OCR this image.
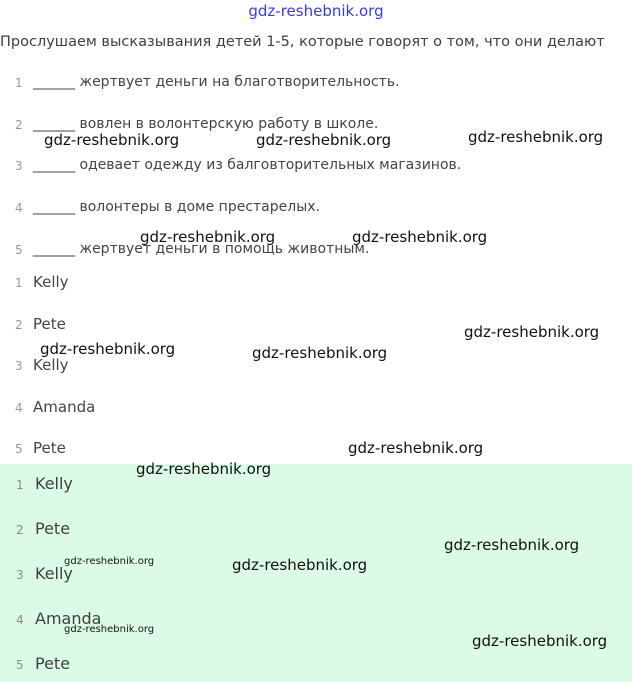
gdz-reshebnik.org
Прослушаем высказывания детей 1-5, которые говорят о том, что они делают
1 ______ жертвует деньги на благотворительность.
2 ______ вовлен в волонтерскую работу в школе.
3 ______ одевает одежду из балговторительных магазинов.
4 ______ волонтеры в доме престарелых.
5 ______ жертвует деньги в помощь животным.
1 Kelly
2 Pete
3 Kelly
4 Amanda
5 Pete
1 Kelly
2 Pete
3 Kelly
4 Amanda
5 Pete
gdz-reshebnik.org	gdz-reshebnik.org	gdz-reshebnik.org
gdz-reshebnik.org	gdz-reshebnik.org
gdz-reshebnik.org
gdz-reshebnik.org	gdz-reshebnik.org
gdz-reshebnik.org
gdz-reshebnik.org
gdz-reshebnik.org
gdz-reshebnik.org
gdz-reshebnik.org
gdz-reshebnik.org
gdz-reshebnik.org
